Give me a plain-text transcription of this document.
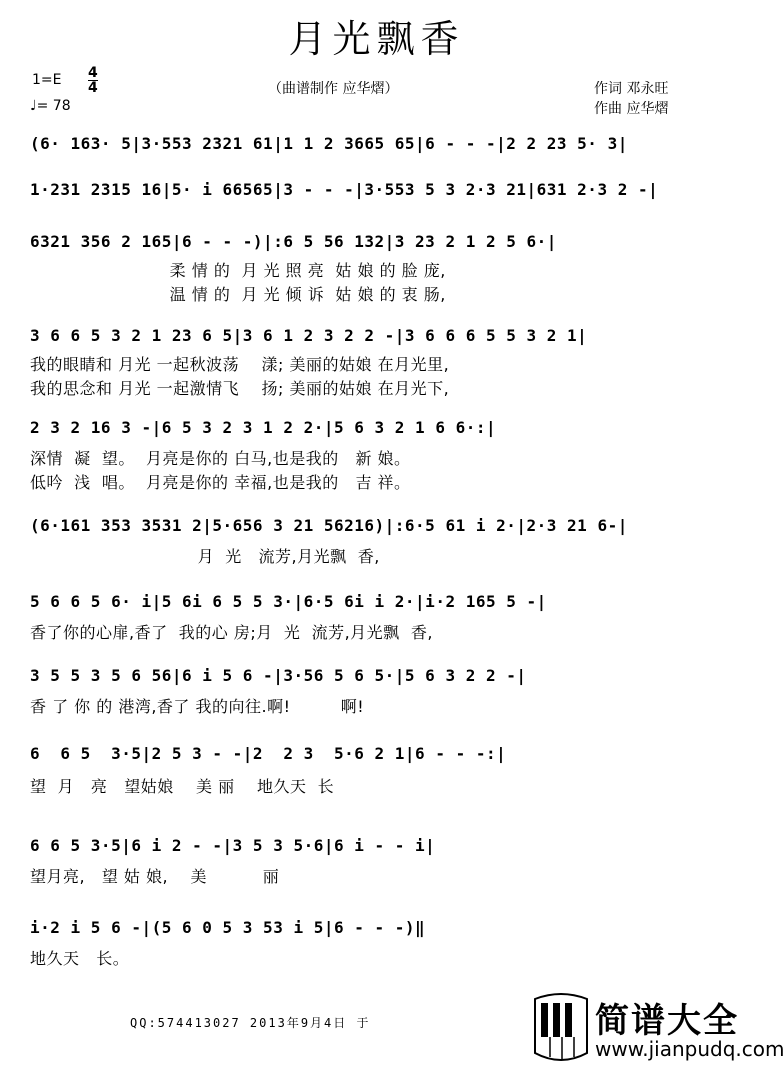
月光飘香
1=E 4
4
♩= 78
（曲谱制作 应华熠）	作词 邓永旺
作曲 应华熠
(6· 163· 5|3·553 2321 61|1 1 2 3665 65|6 - - -|2 2 23 5· 3|
1·231 2315 16|5· i 66565|3 - - -|3·553 5 3 2·3 21|631 2·3 2 -|
6321 356 2 165|6 - - -)|:6 5 56 132|3 23 2 1 2 5 6·|
柔 情 的  月 光 照 亮  姑 娘 的 脸 庞,
温 情 的  月 光 倾 诉  姑 娘 的 衷 肠,
3 6 6 5 3 2 1 23 6 5|3 6 1 2 3 2 2 -|3 6 6 6 5 5 3 2 1|
我的眼睛和 月光 一起秋波荡    漾; 美丽的姑娘 在月光里,
我的思念和 月光 一起激情飞    扬; 美丽的姑娘 在月光下,
2 3 2 16 3 -|6 5 3 2 3 1 2 2·|5 6 3 2 1 6 6·:|
深情  凝  望。  月亮是你的 白马,也是我的   新 娘。
低吟  浅  唱。  月亮是你的 幸福,也是我的   吉 祥。
(6·161 353 3531 2|5·656 3 21 56216)|:6·5 61 i 2·|2·3 21 6-|
月  光   流芳,月光飘  香,
5 6 6 5 6· i|5 6i 6 5 5 3·|6·5 6i i 2·|i·2 165 5 -|
香了你的心扉,香了  我的心 房;月  光  流芳,月光飘  香,
3 5 5 3 5 6 56|6 i 5 6 -|3·56 5 6 5·|5 6 3 2 2 -|
香 了 你 的 港湾,香了 我的向往.啊!         啊!
6  6 5  3·5|2 5 3 - -|2  2 3  5·6 2 1|6 - - -:|
望  月   亮   望姑娘    美 丽    地久天  长
6 6 5 3·5|6 i 2 - -|3 5 3 5·6|6 i - - i|
望月亮,   望 姑 娘,    美          丽
i·2 i 5 6 -|(5 6 0 5 3 53 i 5|6 - - -)‖
地久天   长。
QQ:574413027 2013年9月4日 于	简谱大全
www.jianpudq.com
